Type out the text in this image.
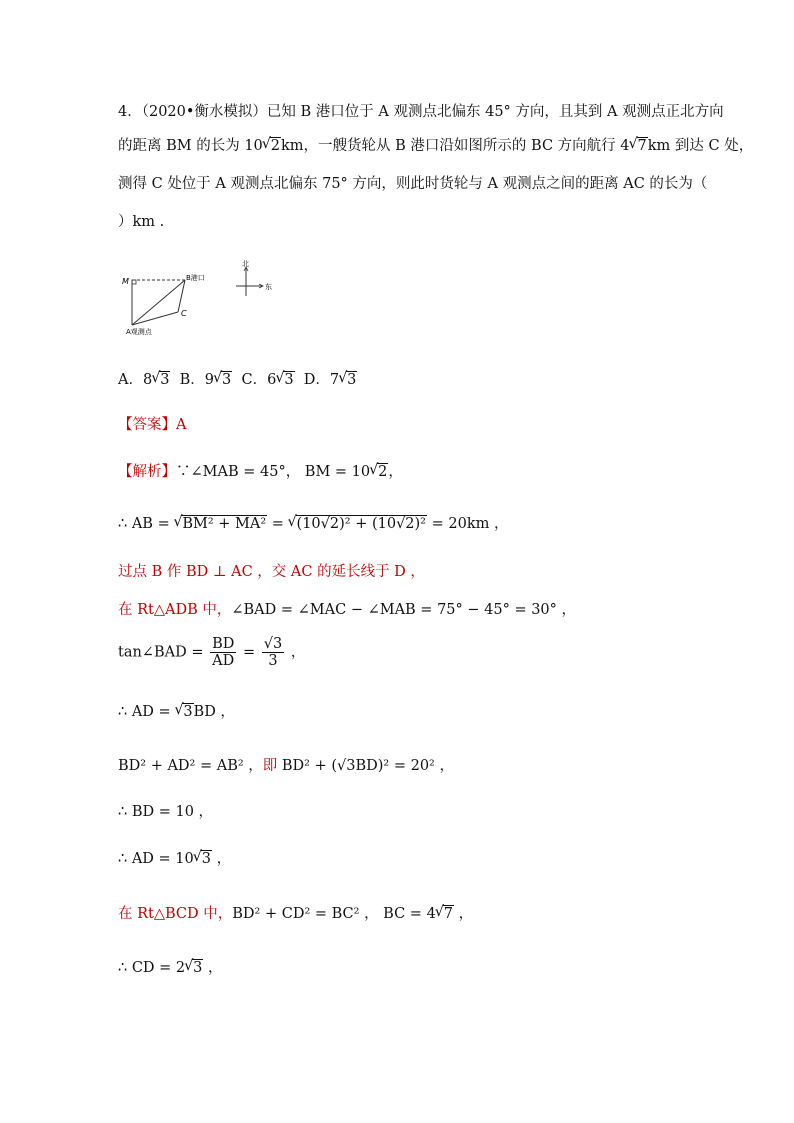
4．（2020•衡水模拟）已知 B 港口位于 A 观测点北偏东 45° 方向，且其到 A 观测点正北方向
的距离 BM 的长为 10 √ 2km，一艘货轮从 B 港口沿如图所示的 BC 方向航行 4 √ 7km 到达 C 处，
测得 C 处位于 A 观测点北偏东 75° 方向，则此时货轮与 A 观测点之间的距离 AC 的长为（
）km .
M	B港口
C
A观测点
北
东
A．8 √ 3 B．9 √ 3 C．6 √ 3 D．7 √ 3
【答案】A
【解析】∵∠MAB = 45°， BM = 10 √ 2，
∴ AB = √ BM² + MA² = √ (10√2)² + (10√2)² = 20km ，
过点 B 作 BD ⊥ AC ，交 AC 的延长线于 D ，
在 Rt△ADB 中，∠BAD = ∠MAC − ∠MAB = 75° − 45° = 30° ，
tan∠BAD = $\frac{BD}{AD} = \frac{√3}{3}$ ，
∴ AD = √ 3BD ，
BD² + AD² = AB² ，即 BD² + (√3BD)² = 20² ，
∴ BD = 10 ，
∴ AD = 10 √ 3 ，
在 Rt△BCD 中，BD² + CD² = BC² ， BC = 4 √ 7 ，
∴ CD = 2 √ 3 ，
